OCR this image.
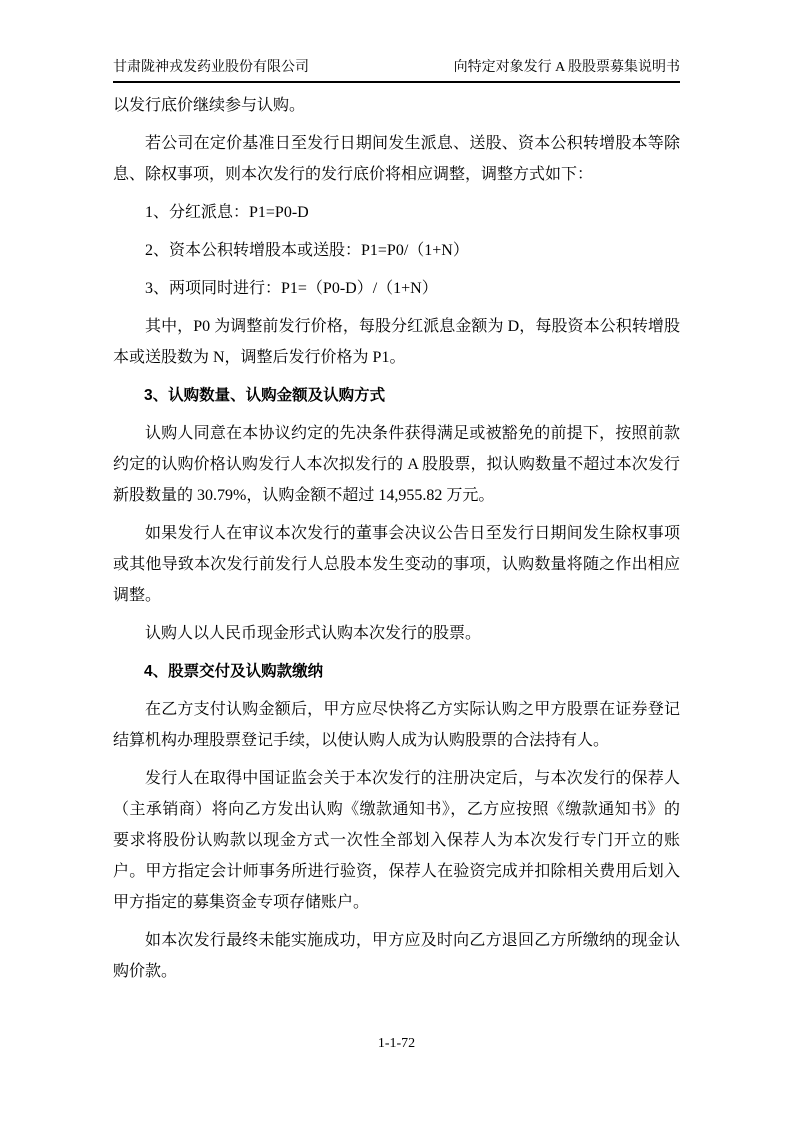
甘肃陇神戎发药业股份有限公司	向特定对象发行 A 股股票募集说明书
以发行底价继续参与认购。
若公司在定价基准日至发行日期间发生派息、送股、资本公积转增股本等除息、除权事项，则本次发行的发行底价将相应调整，调整方式如下：
1、分红派息：P1=P0-D
2、资本公积转增股本或送股：P1=P0/（1+N）
3、两项同时进行：P1=（P0-D）/（1+N）
其中，P0 为调整前发行价格，每股分红派息金额为 D，每股资本公积转增股本或送股数为 N，调整后发行价格为 P1。
3、认购数量、认购金额及认购方式
认购人同意在本协议约定的先决条件获得满足或被豁免的前提下，按照前款约定的认购价格认购发行人本次拟发行的 A 股股票，拟认购数量不超过本次发行新股数量的 30.79%，认购金额不超过 14,955.82 万元。
如果发行人在审议本次发行的董事会决议公告日至发行日期间发生除权事项或其他导致本次发行前发行人总股本发生变动的事项，认购数量将随之作出相应调整。
认购人以人民币现金形式认购本次发行的股票。
4、股票交付及认购款缴纳
在乙方支付认购金额后，甲方应尽快将乙方实际认购之甲方股票在证券登记结算机构办理股票登记手续，以使认购人成为认购股票的合法持有人。
发行人在取得中国证监会关于本次发行的注册决定后，与本次发行的保荐人（主承销商）将向乙方发出认购《缴款通知书》，乙方应按照《缴款通知书》的要求将股份认购款以现金方式一次性全部划入保荐人为本次发行专门开立的账户。甲方指定会计师事务所进行验资，保荐人在验资完成并扣除相关费用后划入甲方指定的募集资金专项存储账户。
如本次发行最终未能实施成功，甲方应及时向乙方退回乙方所缴纳的现金认购价款。
1-1-72
